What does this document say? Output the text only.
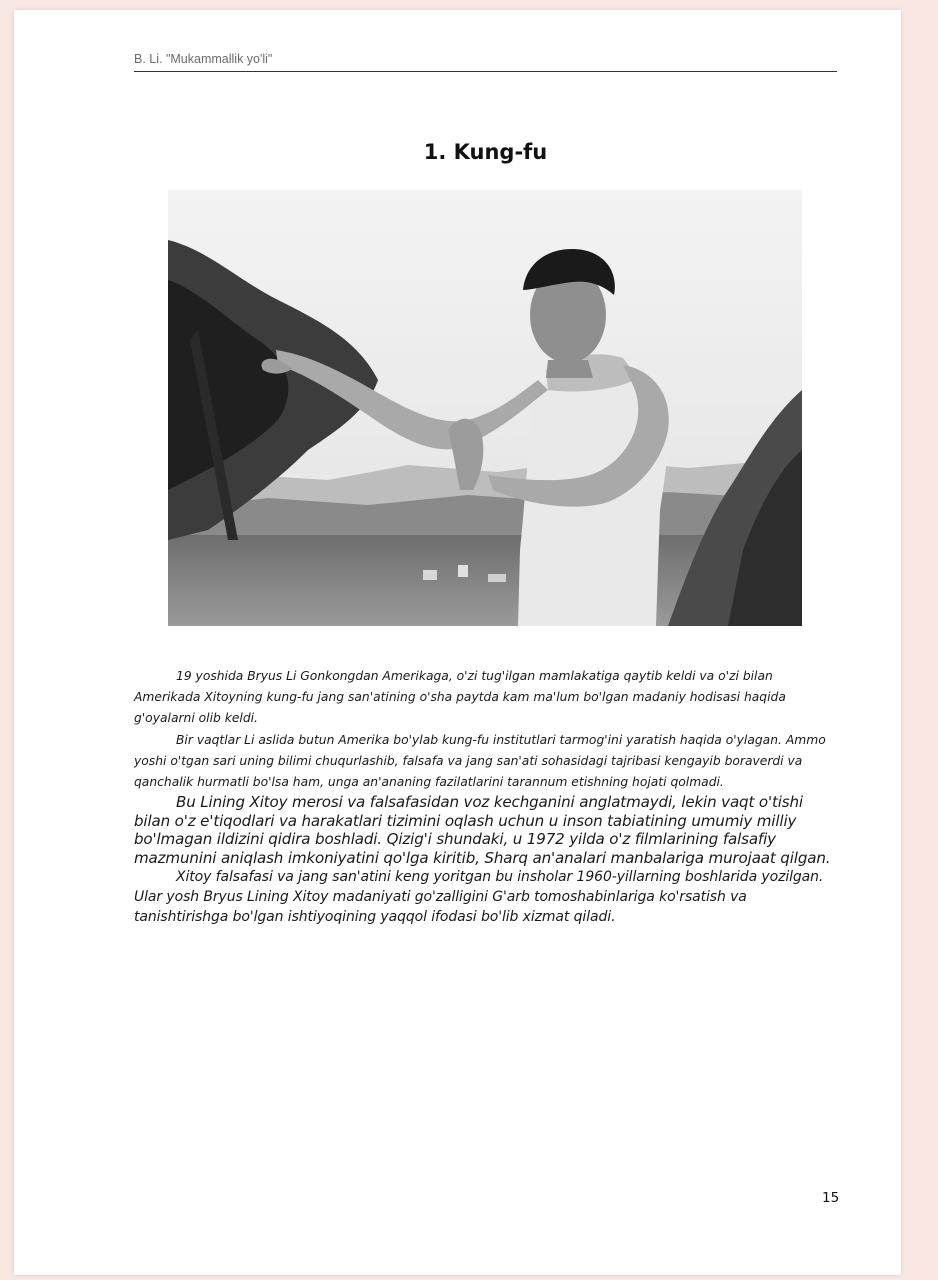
B. Li. "Mukammallik yo'li"
1. Kung-fu

19 yoshida Bryus Li Gonkongdan Amerikaga, o'zi tug'ilgan mamlakatiga qaytib keldi va o'zi bilan Amerikada Xitoyning kung-fu jang san'atining o'sha paytda kam ma'lum bo'lgan madaniy hodisasi haqida g'oyalarni olib keldi.

Bir vaqtlar Li aslida butun Amerika bo'ylab kung-fu institutlari tarmog'ini yaratish haqida o'ylagan. Ammo yoshi o'tgan sari uning bilimi chuqurlashib, falsafa va jang san'ati sohasidagi tajribasi kengayib boraverdi va qanchalik hurmatli bo'lsa ham, unga an'ananing fazilatlarini tarannum etishning hojati qolmadi.

Bu Lining Xitoy merosi va falsafasidan voz kechganini anglatmaydi, lekin vaqt o'tishi bilan o'z e'tiqodlari va harakatlari tizimini oqlash uchun u inson tabiatining umumiy milliy bo'lmagan ildizini qidira boshladi. Qizig'i shundaki, u 1972 yilda o'z filmlarining falsafiy mazmunini aniqlash imkoniyatini qo'lga kiritib, Sharq an'analari manbalariga murojaat qilgan.

Xitoy falsafasi va jang san'atini keng yoritgan bu insholar 1960-yillarning boshlarida yozilgan. Ular yosh Bryus Lining Xitoy madaniyati go'zalligini G'arb tomoshabinlariga ko'rsatish va tanishtirishga bo'lgan ishtiyoqining yaqqol ifodasi bo'lib xizmat qiladi.

15
